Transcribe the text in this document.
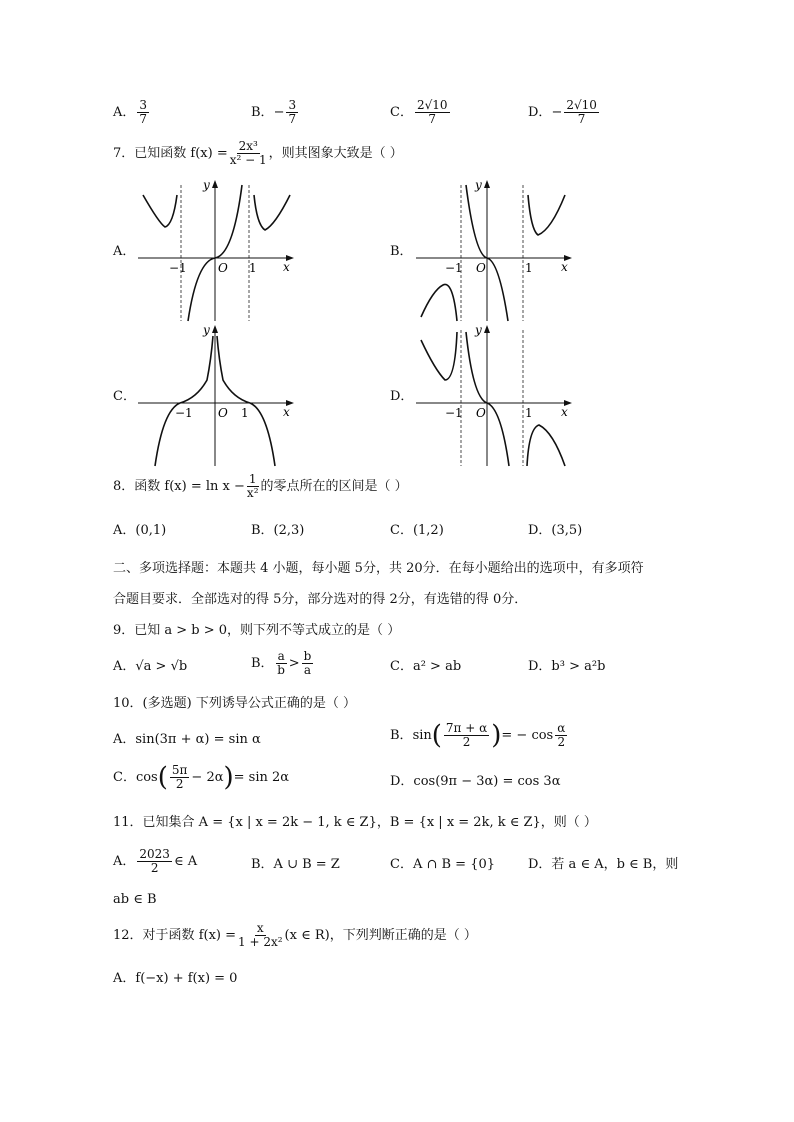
A． $\frac{3}{7}$	B．− $\frac{3}{7}$	C． $\frac{2√10}{7}$	D．− $\frac{2√10}{7}$
7．已知函数 $f(x) = \frac{\text{2x³}}{\text{x² − 1}}$ ，则其图象大致是（ ）
A．
y
x
O
−1	1
B．
y
x
O
−1	1
C．
y
x
O
−1	1
D．
y
x
O
−1	1
8．函数 $f(x) = \ln x - \frac{1}{\text{x²}}$ 的零点所在的区间是（ ）
A．(0,1)	B．(2,3)	C．(1,2)	D．(3,5)
二、多项选择题：本题共 4 小题，每小题 5分，共 20分．在每小题给出的选项中，有多项符
合题目要求．全部选对的得 5分，部分选对的得 2分，有选错的得 0分．
9．已知 a > b > 0，则下列不等式成立的是（ ）
A．√a > √b	B． $\frac{a}{b} > \frac{b}{a}$	C．a² > ab	D．b³ > a²b
10．(多选题) 下列诱导公式正确的是（ ）
A．sin(3π + α) = sin α	B．$\sin( \frac{7\pi + \alpha}{2}$ )= − $\cos \frac{\alpha}{2}$
C．$\cos( \frac{5\pi}{2} - 2\alpha)= \sin 2\alpha$	D．cos(9π − 3α) = cos 3α
11．已知集合 A = {x | x = 2k − 1, k ∈ Z}，B = {x | x = 2k, k ∈ Z}，则（ ）
A． $\frac{2023}{2}$ ∈ A	B．A ∪ B = Z	C．A ∩ B = {0}	D．若 a ∈ A，b ∈ B，则
ab ∈ B
12．对于函数 $f(x) = \frac{x}{\text{1 + 2x²}} (x$ ∈ R)，下列判断正确的是（ ）
A．f(−x) + f(x) = 0
